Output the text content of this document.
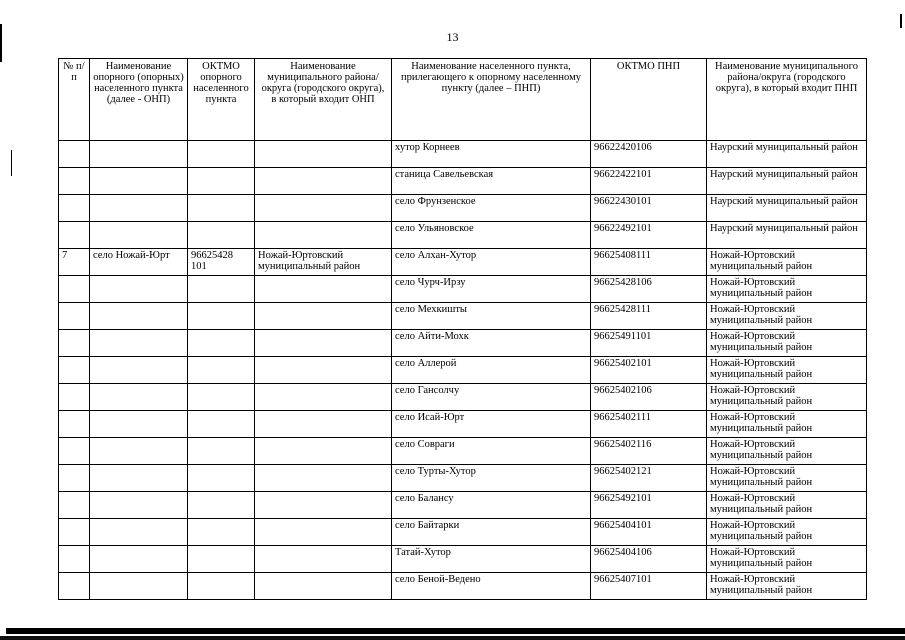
13
№ п/п	Наименование опорного (опорных) населенного пункта (далее - ОНП)	ОКТМО опорного населенного пункта	Наименование муниципального района/округа (городского округа), в который входит ОНП	Наименование населенного пункта, прилегающего к опорному населенному пункту (далее – ПНП)	ОКТМО ПНП	Наименование муниципального района/округа (городского округа), в который входит ПНП
				хутор Корнеев	96622420106	Наурский муниципальный район
				станица Савельевская	96622422101	Наурский муниципальный район
				село Фрунзенское	96622430101	Наурский муниципальный район
				село Ульяновское	96622492101	Наурский муниципальный район
7	село Ножай-Юрт	96625428 101	Ножай-Юртовский муниципальный район	село Алхан-Хутор	96625408111	Ножай-Юртовский муниципальный район
				село Чурч-Ирзу	96625428106	Ножай-Юртовский муниципальный район
				село Мехкишты	96625428111	Ножай-Юртовский муниципальный район
				село Айти-Мохк	96625491101	Ножай-Юртовский муниципальный район
				село Аллерой	96625402101	Ножай-Юртовский муниципальный район
				село Гансолчу	96625402106	Ножай-Юртовский муниципальный район
				село Исай-Юрт	96625402111	Ножай-Юртовский муниципальный район
				село Совраги	96625402116	Ножай-Юртовский муниципальный район
				село Турты-Хутор	96625402121	Ножай-Юртовский муниципальный район
				село Балансу	96625492101	Ножай-Юртовский муниципальный район
				село Байтарки	96625404101	Ножай-Юртовский муниципальный район
				Татай-Хутор	96625404106	Ножай-Юртовский муниципальный район
				село Беной-Ведено	96625407101	Ножай-Юртовский муниципальный район
